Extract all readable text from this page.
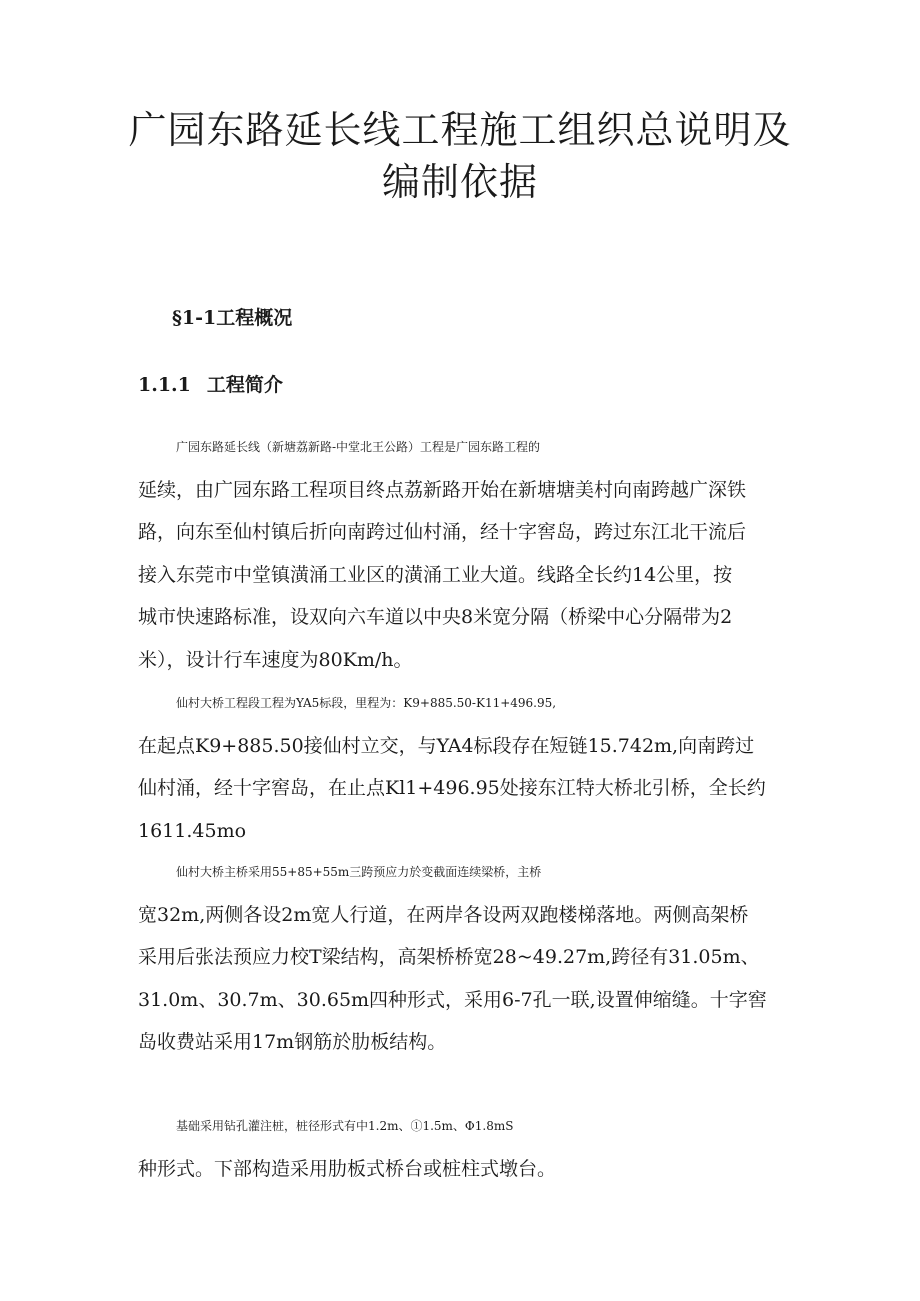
广园东路延长线工程施工组织总说明及
编制依据
§1-1工程概况
1.1.1 工程简介

广园东路延长线（新塘荔新路-中堂北王公路）工程是广园东路工程的
延续，由广园东路工程项目终点荔新路开始在新塘塘美村向南跨越广深铁
路，向东至仙村镇后折向南跨过仙村涌，经十字窖岛，跨过东江北干流后
接入东莞市中堂镇潢涌工业区的潢涌工业大道。线路全长约14公里，按
城市快速路标准，设双向六车道以中央8米宽分隔（桥梁中心分隔带为2
米），设计行车速度为80Km/h。

仙村大桥工程段工程为YA5标段，里程为：K9+885.50-K11+496.95,
在起点K9+885.50接仙村立交，与YA4标段存在短链15.742m,向南跨过
仙村涌，经十字窖岛，在止点Kl1+496.95处接东江特大桥北引桥，全长约
1611.45mo

仙村大桥主桥采用55+85+55m三跨预应力於变截面连续梁桥，主桥
宽32m,两侧各设2m宽人行道，在两岸各设两双跑楼梯落地。两侧高架桥
采用后张法预应力校T梁结构，高架桥桥宽28~49.27m,跨径有31.05m、
31.0m、30.7m、30.65m四种形式，采用6-7孔一联,设置伸缩缝。十字窖
岛收费站采用17m钢筋於肋板结构。

基础采用钻孔灌注桩，桩径形式有中1.2m、①1.5m、Φ1.8mS
种形式。下部构造采用肋板式桥台或桩柱式墩台。
